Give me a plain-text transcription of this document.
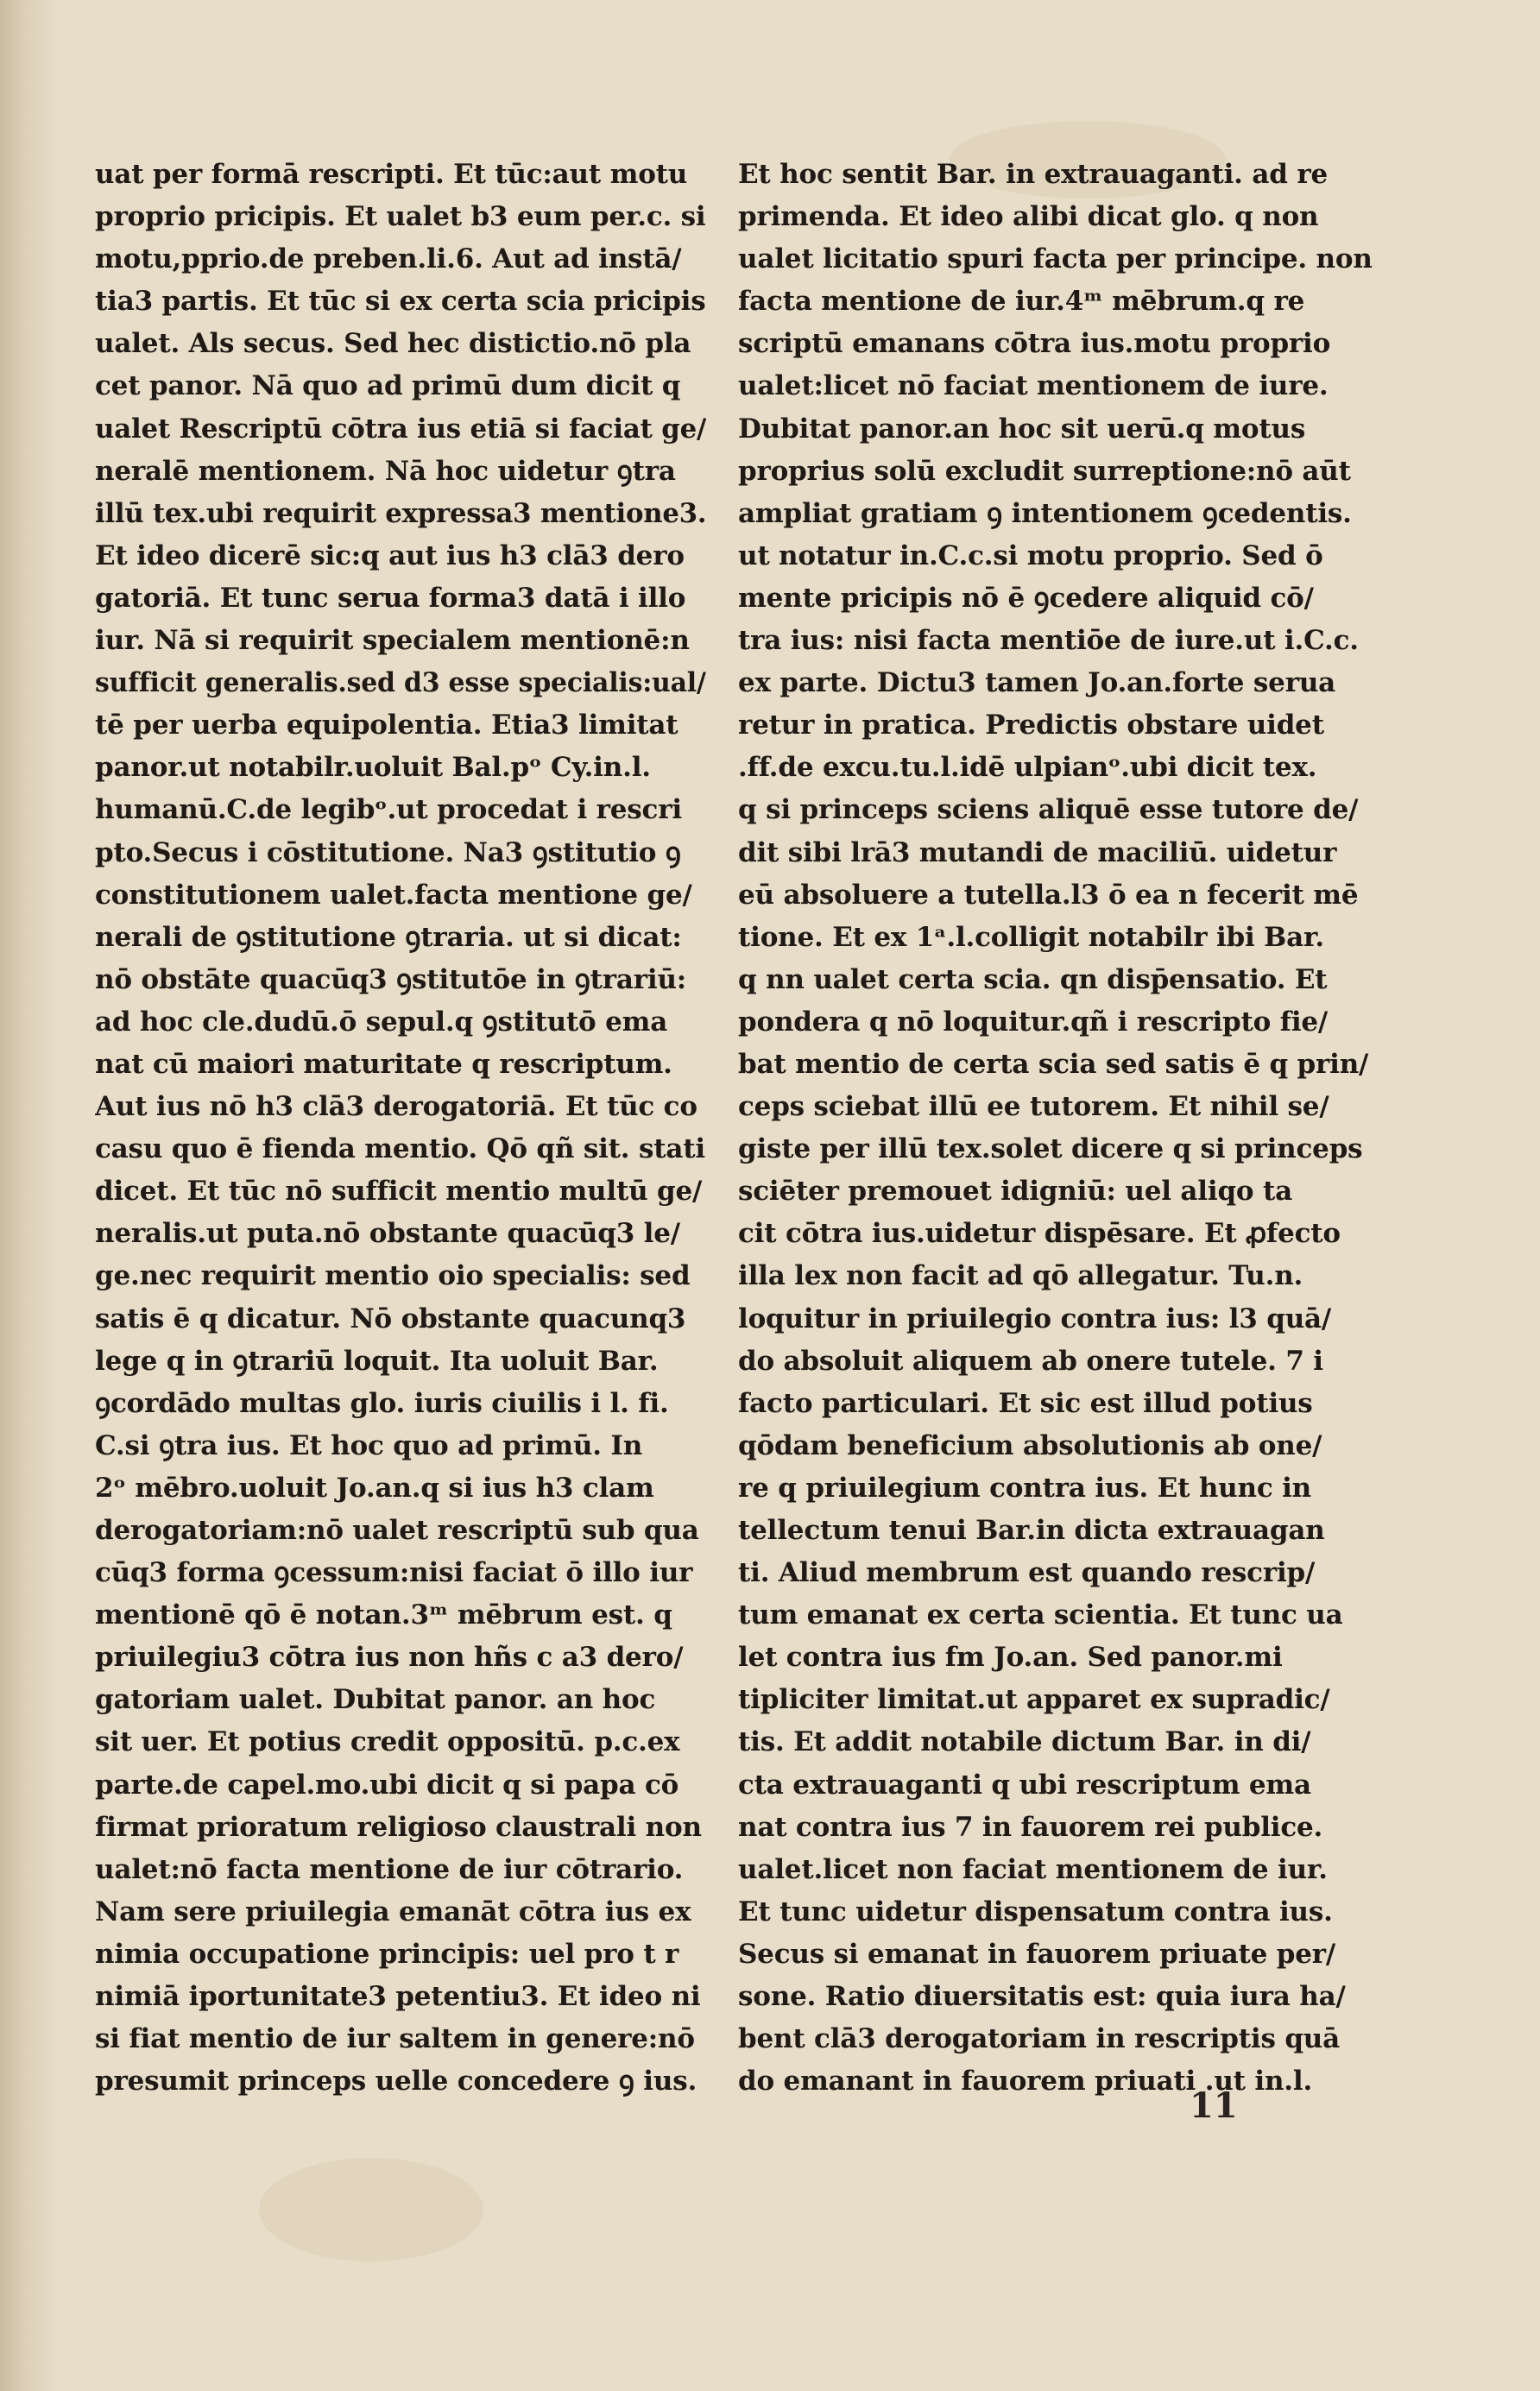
uat per formā rescripti. Et tūc:aut motu
proprio pricipis. Et ualet b3 eum per.c. si
motu,pprio.de preben.li.6. Aut ad instā/
tia3 partis. Et tūc si ex certa scia pricipis
ualet. Als secus. Sed hec distictio.nō pla
cet panor. Nā quo ad primū dum dicit q
ualet Rescriptū cōtra ius etiā si faciat ge/
neralē mentionem. Nā hoc uidetur ꝯtra
illū tex.ubi requirit expressa3 mentione3.
Et ideo dicerē sic:q aut ius h3 clā3 dero
gatoriā. Et tunc serua forma3 datā i illo
iur. Nā si requirit specialem mentionē:n
sufficit generalis.sed d3 esse specialis:ual/
tē per uerba equipolentia. Etia3 limitat
panor.ut notabilr.uoluit Bal.pᵒ Cy.in.l.
humanū.C.de legibᵒ.ut procedat i rescri
pto.Secus i cōstitutione. Na3 ꝯstitutio ꝯ
constitutionem ualet.facta mentione ge/
nerali de ꝯstitutione ꝯtraria. ut si dicat:
nō obstāte quacūq3 ꝯstitutōe in ꝯtrariū:
ad hoc cle.dudū.ō sepul.q ꝯstitutō ema
nat cū maiori maturitate q rescriptum.
Aut ius nō h3 clā3 derogatoriā. Et tūc co
casu quo ē fienda mentio. Qō qñ sit. stati
dicet. Et tūc nō sufficit mentio multū ge/
neralis.ut puta.nō obstante quacūq3 le/
ge.nec requirit mentio oio specialis: sed
satis ē q dicatur. Nō obstante quacunq3
lege q in ꝯtrariū loquit. Ita uoluit Bar.
ꝯcordādo multas glo. iuris ciuilis i l. fi.
C.si ꝯtra ius. Et hoc quo ad primū. In
2ᵒ mēbro.uoluit Jo.an.q si ius h3 clam
derogatoriam:nō ualet rescriptū sub qua
cūq3 forma ꝯcessum:nisi faciat ō illo iur
mentionē qō ē notan.3ᵐ mēbrum est. q
priuilegiu3 cōtra ius non hñs c a3 dero/
gatoriam ualet. Dubitat panor. an hoc
sit uer. Et potius credit oppositū. p.c.ex
parte.de capel.mo.ubi dicit q si papa cō
firmat prioratum religioso claustrali non
ualet:nō facta mentione de iur cōtrario.
Nam sere priuilegia emanāt cōtra ius ex
nimia occupatione principis: uel pro t r
nimiā iportunitate3 petentiu3. Et ideo ni
si fiat mentio de iur saltem in genere:nō
presumit princeps uelle concedere ꝯ ius.
Et hoc sentit Bar. in extrauaganti. ad re
primenda. Et ideo alibi dicat glo. q non
ualet licitatio spuri facta per principe. non
facta mentione de iur.4ᵐ mēbrum.q re
scriptū emanans cōtra ius.motu proprio
ualet:licet nō faciat mentionem de iure.
Dubitat panor.an hoc sit uerū.q motus
proprius solū excludit surreptione:nō aūt
ampliat gratiam ꝯ intentionem ꝯcedentis.
ut notatur in.C.c.si motu proprio. Sed ō
mente pricipis nō ē ꝯcedere aliquid cō/
tra ius: nisi facta mentiōe de iure.ut i.C.c.
ex parte. Dictu3 tamen Jo.an.forte serua
retur in pratica. Predictis obstare uidet
.ff.de excu.tu.l.idē ulpianᵒ.ubi dicit tex.
q si princeps sciens aliquē esse tutore de/
dit sibi lrā3 mutandi de maciliū. uidetur
eū absoluere a tutella.l3 ō ea n fecerit mē
tione. Et ex 1ᵃ.l.colligit notabilr ibi Bar.
q nn ualet certa scia. qn disp̄ensatio. Et
pondera q nō loquitur.qñ i rescripto fie/
bat mentio de certa scia sed satis ē q prin/
ceps sciebat illū ee tutorem. Et nihil se/
giste per illū tex.solet dicere q si princeps
sciēter premouet idigniū: uel aliqo ta
cit cōtra ius.uidetur dispēsare. Et ꝓfecto
illa lex non facit ad qō allegatur. Tu.n.
loquitur in priuilegio contra ius: l3 quā/
do absoluit aliquem ab onere tutele. 7 i
facto particulari. Et sic est illud potius
qōdam beneficium absolutionis ab one/
re q priuilegium contra ius. Et hunc in
tellectum tenui Bar.in dicta extrauagan
ti. Aliud membrum est quando rescrip/
tum emanat ex certa scientia. Et tunc ua
let contra ius fm Jo.an. Sed panor.mi
tipliciter limitat.ut apparet ex supradic/
tis. Et addit notabile dictum Bar. in di/
cta extrauaganti q ubi rescriptum ema
nat contra ius 7 in fauorem rei publice.
ualet.licet non faciat mentionem de iur.
Et tunc uidetur dispensatum contra ius.
Secus si emanat in fauorem priuate per/
sone. Ratio diuersitatis est: quia iura ha/
bent clā3 derogatoriam in rescriptis quā
do emanant in fauorem priuati .ut in.l.
11
